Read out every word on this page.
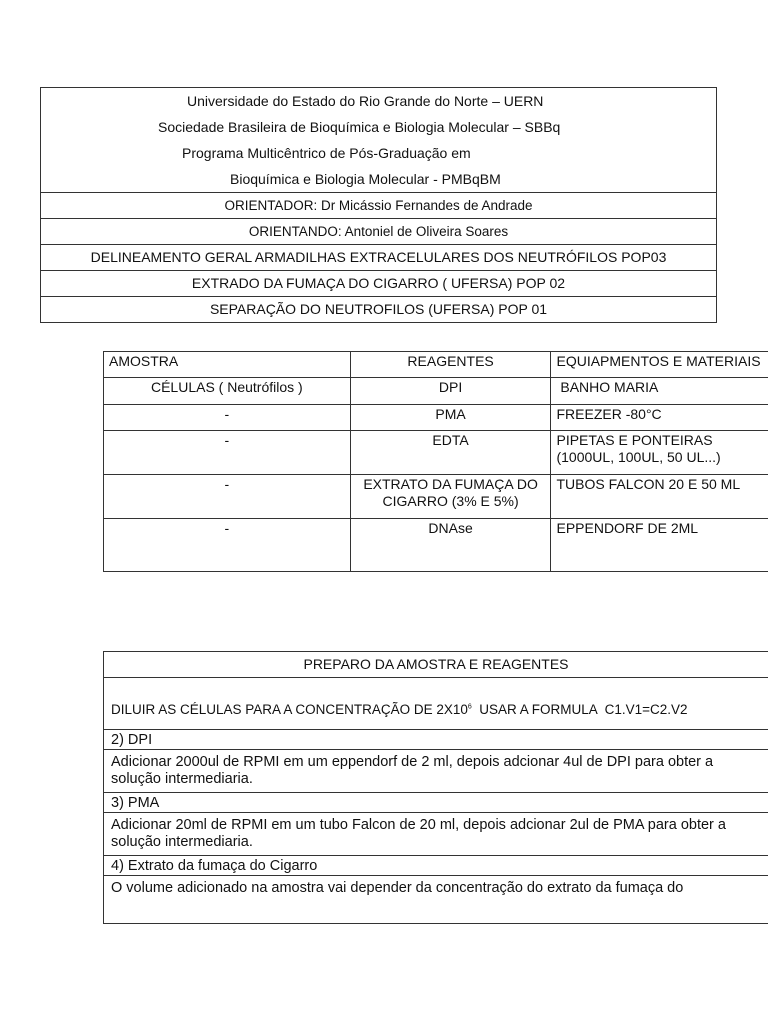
Universidade do Estado do Rio Grande do Norte – UERN
Sociedade Brasileira de Bioquímica e Biologia Molecular – SBBq
Programa Multicêntrico de Pós-Graduação em
Bioquímica e Biologia Molecular - PMBqBM
ORIENTADOR: Dr Micássio Fernandes de Andrade
ORIENTANDO: Antoniel de Oliveira Soares
DELINEAMENTO GERAL ARMADILHAS EXTRACELULARES DOS NEUTRÓFILOS POP03
EXTRADO DA FUMAÇA DO CIGARRO ( UFERSA) POP 02
SEPARAÇÃO DO NEUTROFILOS (UFERSA) POP 01
AMOSTRA	REAGENTES	EQUIAPMENTOS E MATERIAIS
CÉLULAS ( Neutrófilos )	DPI	BANHO MARIA
-	PMA	FREEZER -80°C
-	EDTA	PIPETAS E PONTEIRAS (1000UL, 100UL, 50 UL...)
-	EXTRATO DA FUMAÇA DO CIGARRO (3% E 5%)	TUBOS FALCON 20 E 50 ML
-	DNAse	EPPENDORF DE 2ML
PREPARO DA AMOSTRA E REAGENTES
DILUIR AS CÉLULAS PARA A CONCENTRAÇÃO DE $2X10^6$  USAR A FORMULA  C1.V1=C2.V2
2) DPI
Adicionar 2000ul de RPMI em um eppendorf de 2 ml, depois adcionar 4ul de DPI para obter a solução intermediaria.
3) PMA
Adicionar 20ml de RPMI em um tubo Falcon de 20 ml, depois adcionar 2ul de PMA para obter a solução intermediaria.
4) Extrato da fumaça do Cigarro
O volume adicionado na amostra vai depender da concentração do extrato da fumaça do
